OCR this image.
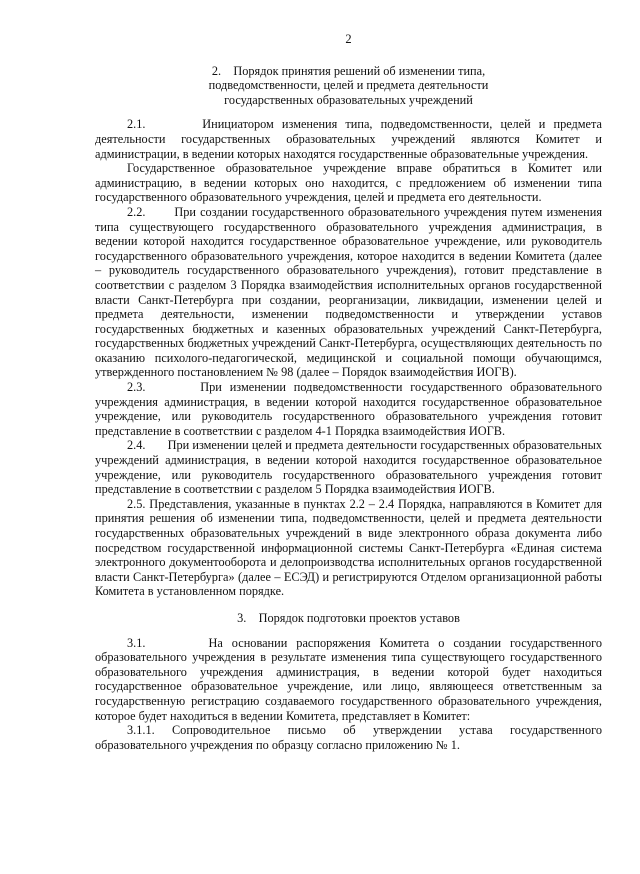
2
2.    Порядок принятия решений об изменении типа,
подведомственности, целей и предмета деятельности
государственных образовательных учреждений

2.1.       Инициатором изменения типа, подведомственности, целей и предмета деятельности государственных образовательных учреждений являются Комитет и администрации, в ведении которых находятся государственные образовательные учреждения.

Государственное образовательное учреждение вправе обратиться в Комитет или администрацию, в ведении которых оно находится, с предложением об изменении типа государственного образовательного учреждения, целей и предмета его деятельности.

2.2.       При создании государственного образовательного учреждения путем изменения типа существующего государственного образовательного учреждения администрация, в ведении которой находится государственное образовательное учреждение, или руководитель государственного образовательного учреждения, которое находится в ведении Комитета (далее – руководитель государственного образовательного учреждения), готовит представление в соответствии с разделом 3 Порядка взаимодействия исполнительных органов государственной власти Санкт-Петербурга при создании, реорганизации, ликвидации, изменении целей и предмета деятельности, изменении подведомственности и утверждении уставов государственных бюджетных и казенных образовательных учреждений Санкт-Петербурга, государственных бюджетных учреждений Санкт-Петербурга, осуществляющих деятельность по оказанию психолого-педагогической, медицинской и социальной помощи обучающимся, утвержденного постановлением № 98 (далее – Порядок взаимодействия ИОГВ).

2.3.       При изменении подведомственности государственного образовательного учреждения администрация, в ведении которой находится государственное образовательное учреждение, или руководитель государственного образовательного учреждения готовит представление в соответствии с разделом 4-1 Порядка взаимодействия ИОГВ.

2.4.       При изменении целей и предмета деятельности государственных образовательных учреждений администрация, в ведении которой находится государственное образовательное учреждение, или руководитель государственного образовательного учреждения готовит представление в соответствии с разделом 5 Порядка взаимодействия ИОГВ.

2.5. Представления, указанные в пунктах 2.2 – 2.4 Порядка, направляются в Комитет для принятия решения об изменении типа, подведомственности, целей и предмета деятельности государственных образовательных учреждений в виде электронного образа документа либо посредством государственной информационной системы Санкт-Петербурга «Единая система электронного документооборота и делопроизводства исполнительных органов государственной власти Санкт-Петербурга» (далее – ЕСЭД) и регистрируются Отделом организационной работы Комитета в установленном порядке.

3.    Порядок подготовки проектов уставов

3.1.       На основании распоряжения Комитета о создании государственного образовательного учреждения в результате изменения типа существующего государственного образовательного учреждения администрация, в ведении которой будет находиться государственное образовательное учреждение, или лицо, являющееся ответственным за государственную регистрацию создаваемого государственного образовательного учреждения, которое будет находиться в ведении Комитета, представляет в Комитет:

3.1.1. Сопроводительное письмо об утверждении устава государственного образовательного учреждения по образцу согласно приложению № 1.
